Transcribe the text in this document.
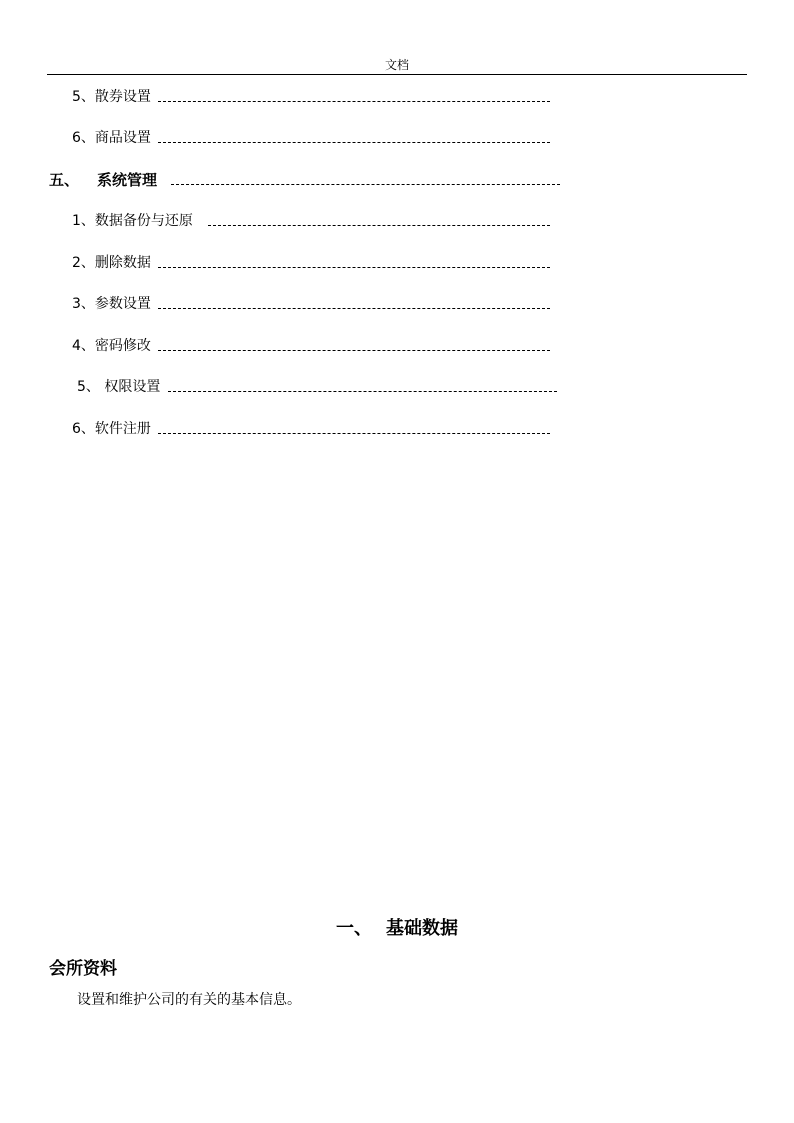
文档
5、散券设置
6、商品设置
五、 系统管理
1、数据备份与还原
2、删除数据
3、参数设置
4、密码修改
5、 权限设置
6、软件注册
一、 基础数据
会所资料
设置和维护公司的有关的基本信息。
